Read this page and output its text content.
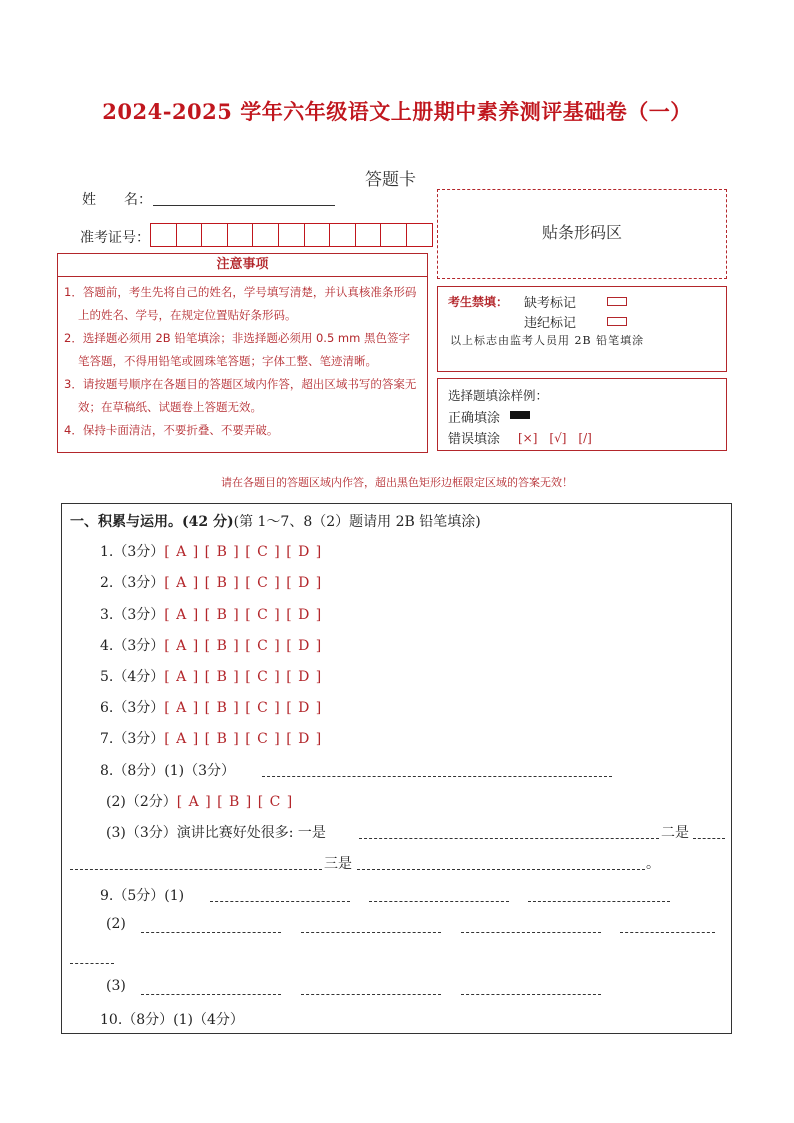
2024-2025 学年六年级语文上册期中素养测评基础卷（一）
答题卡
姓　　名：
准考证号：
注意事项
1．答题前，考生先将自己的姓名，学号填写清楚，并认真核准条形码上的姓名、学号，在规定位置贴好条形码。
2．选择题必须用 2B 铅笔填涂；非选择题必须用 0.5 mm 黑色签字笔答题，不得用铅笔或圆珠笔答题；字体工整、笔迹清晰。
3．请按题号顺序在各题目的答题区域内作答，超出区域书写的答案无效；在草稿纸、试题卷上答题无效。
4．保持卡面清洁，不要折叠、不要弄破。
贴条形码区
考生禁填： 缺考标记
违纪标记
以上标志由监考人员用 2B 铅笔填涂
选择题填涂样例：
正确填涂
错误填涂 [×]　[√]　[/]
请在各题目的答题区域内作答，超出黑色矩形边框限定区域的答案无效！
一、积累与运用。(42 分)(第 1～7、8（2）题请用 2B 铅笔填涂)
1.（3分）[ A ] [ B ] [ C ] [ D ]
2.（3分）[ A ] [ B ] [ C ] [ D ]
3.（3分）[ A ] [ B ] [ C ] [ D ]
4.（3分）[ A ] [ B ] [ C ] [ D ]
5.（4分）[ A ] [ B ] [ C ] [ D ]
6.（3分）[ A ] [ B ] [ C ] [ D ]
7.（3分）[ A ] [ B ] [ C ] [ D ]
8.（8分）(1)（3分）
(2)（2分）[ A ] [ B ] [ C ]
(3)（3分）演讲比赛好处很多: 一是	二是
三是	。
9.（5分）(1)
(2)
(3)
10.（8分）(1)（4分）
